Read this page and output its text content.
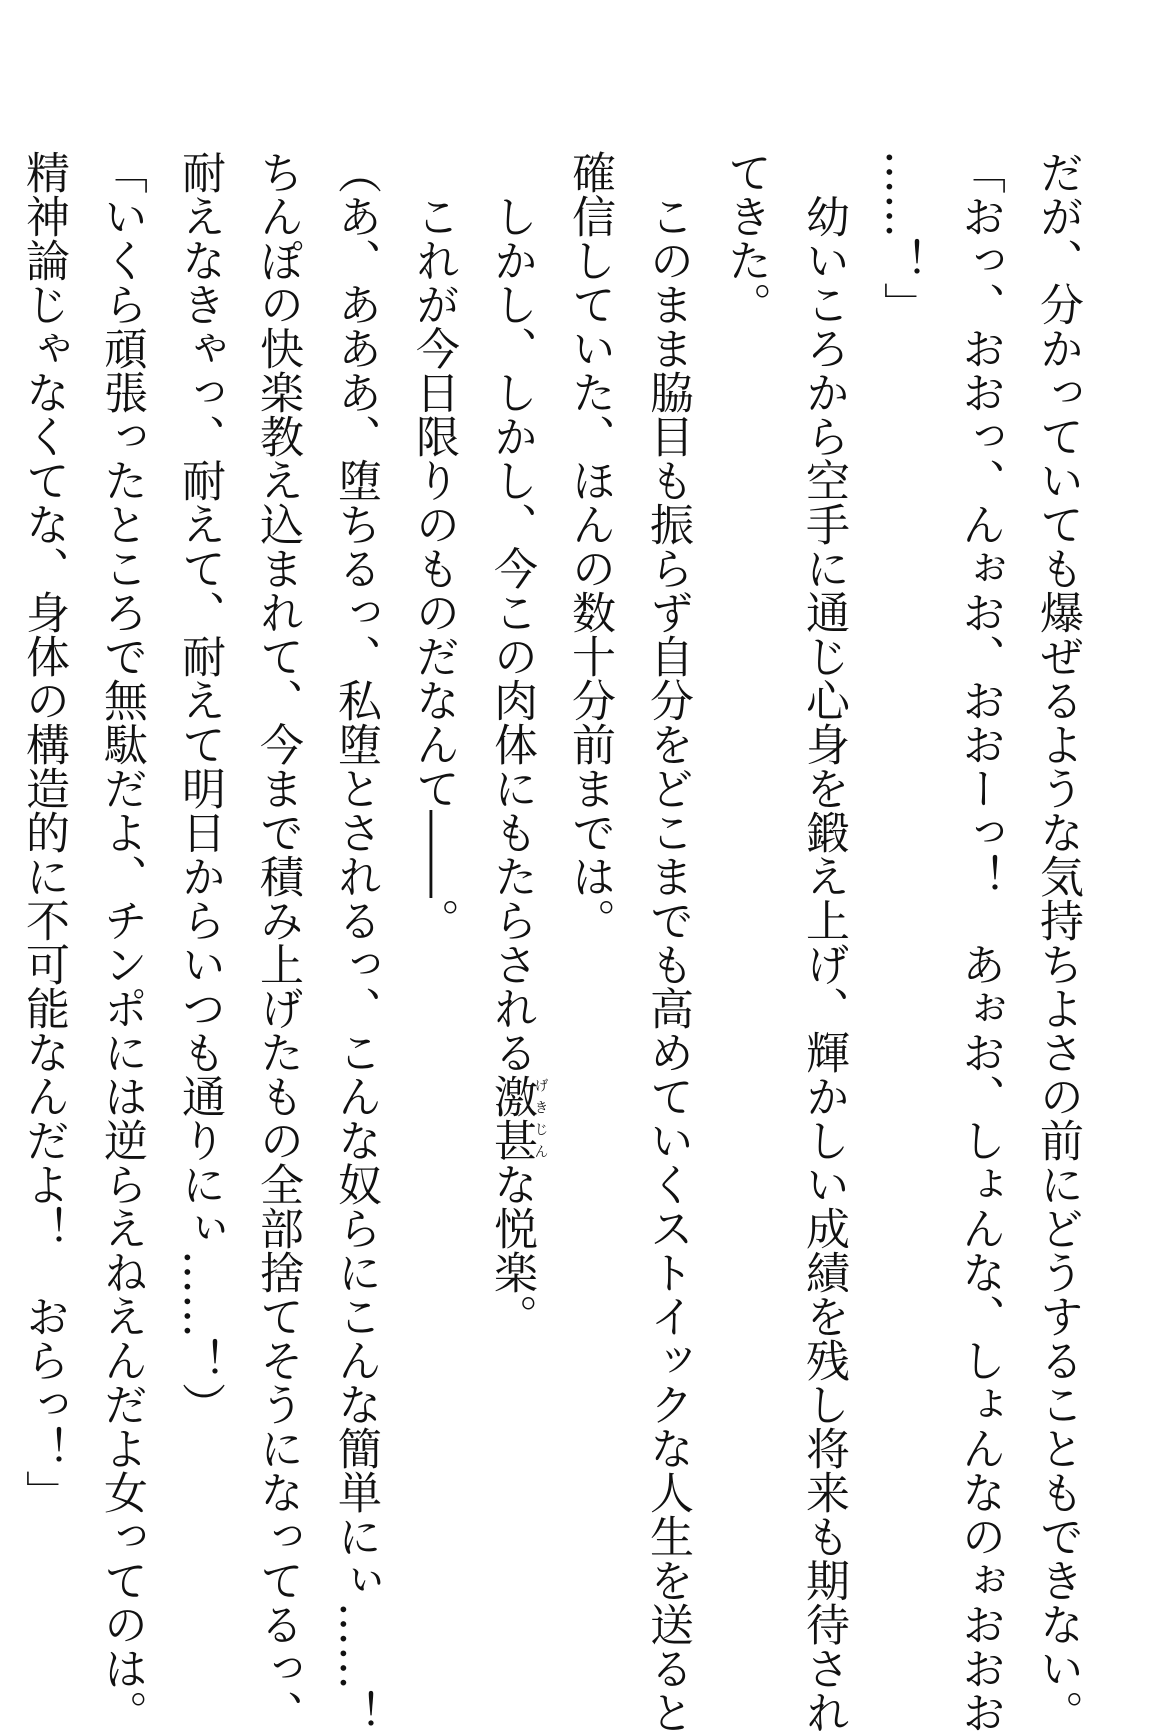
だが、分かっていても爆ぜるような気持ちよさの前にどうすることもできない。
「おっ、おおっ、んぉお、おおーっ！　あぉお、しょんな、しょんなのぉおおお
……！」
幼いころから空手に通じ心身を鍛え上げ、輝かしい成績を残し将来も期待され
てきた。
このまま脇目も振らず自分をどこまでも高めていくストイックな人生を送ると
確信していた、ほんの数十分前までは。
しかし、しかし、今この肉体にもたらされる激甚げきじんな悦楽。
これが今日限りのものだなんて――。
（あ、あああ、堕ちるっ、私堕とされるっ、こんな奴らにこんな簡単にぃ……！
ちんぽの快楽教え込まれて、今まで積み上げたもの全部捨てそうになってるっ、
耐えなきゃっ、耐えて、耐えて明日からいつも通りにぃ……！）
「いくら頑張ったところで無駄だよ、チンポには逆らえねえんだよ女ってのは。
精神論じゃなくてな、身体の構造的に不可能なんだよ！　おらっ！」
